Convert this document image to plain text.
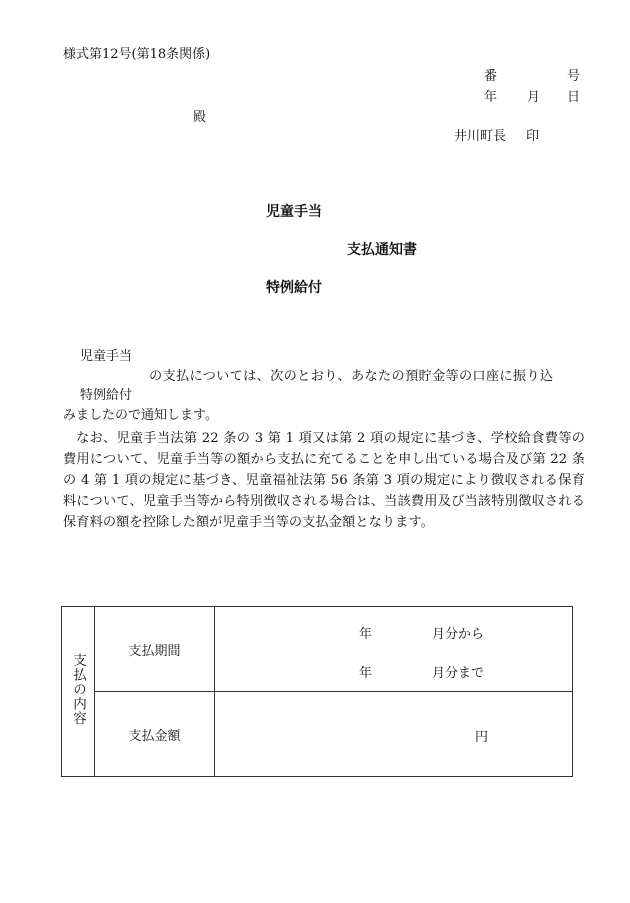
様式第12号(第18条関係)
番	号
年 月 日
殿
井川町長 印
児童手当
支払通知書
特例給付
児童手当
の支払については、次のとおり、あなたの預貯金等の口座に振り込
特例給付
みましたので通知します。

なお、児童手当法第 22 条の 3 第 1 項又は第 2 項の規定に基づき、学校給食費等の費用について、児童手当等の額から支払に充てることを申し出ている場合及び第 22 条の 4 第 1 項の規定に基づき、児童福祉法第 56 条第 3 項の規定により徴収される保育料について、児童手当等から特別徴収される場合は、当該費用及び当該特別徴収される保育料の額を控除した額が児童手当等の支払金額となります。

支払の内容	支払期間	年 月分から
年 月分まで

	支払金額	円
